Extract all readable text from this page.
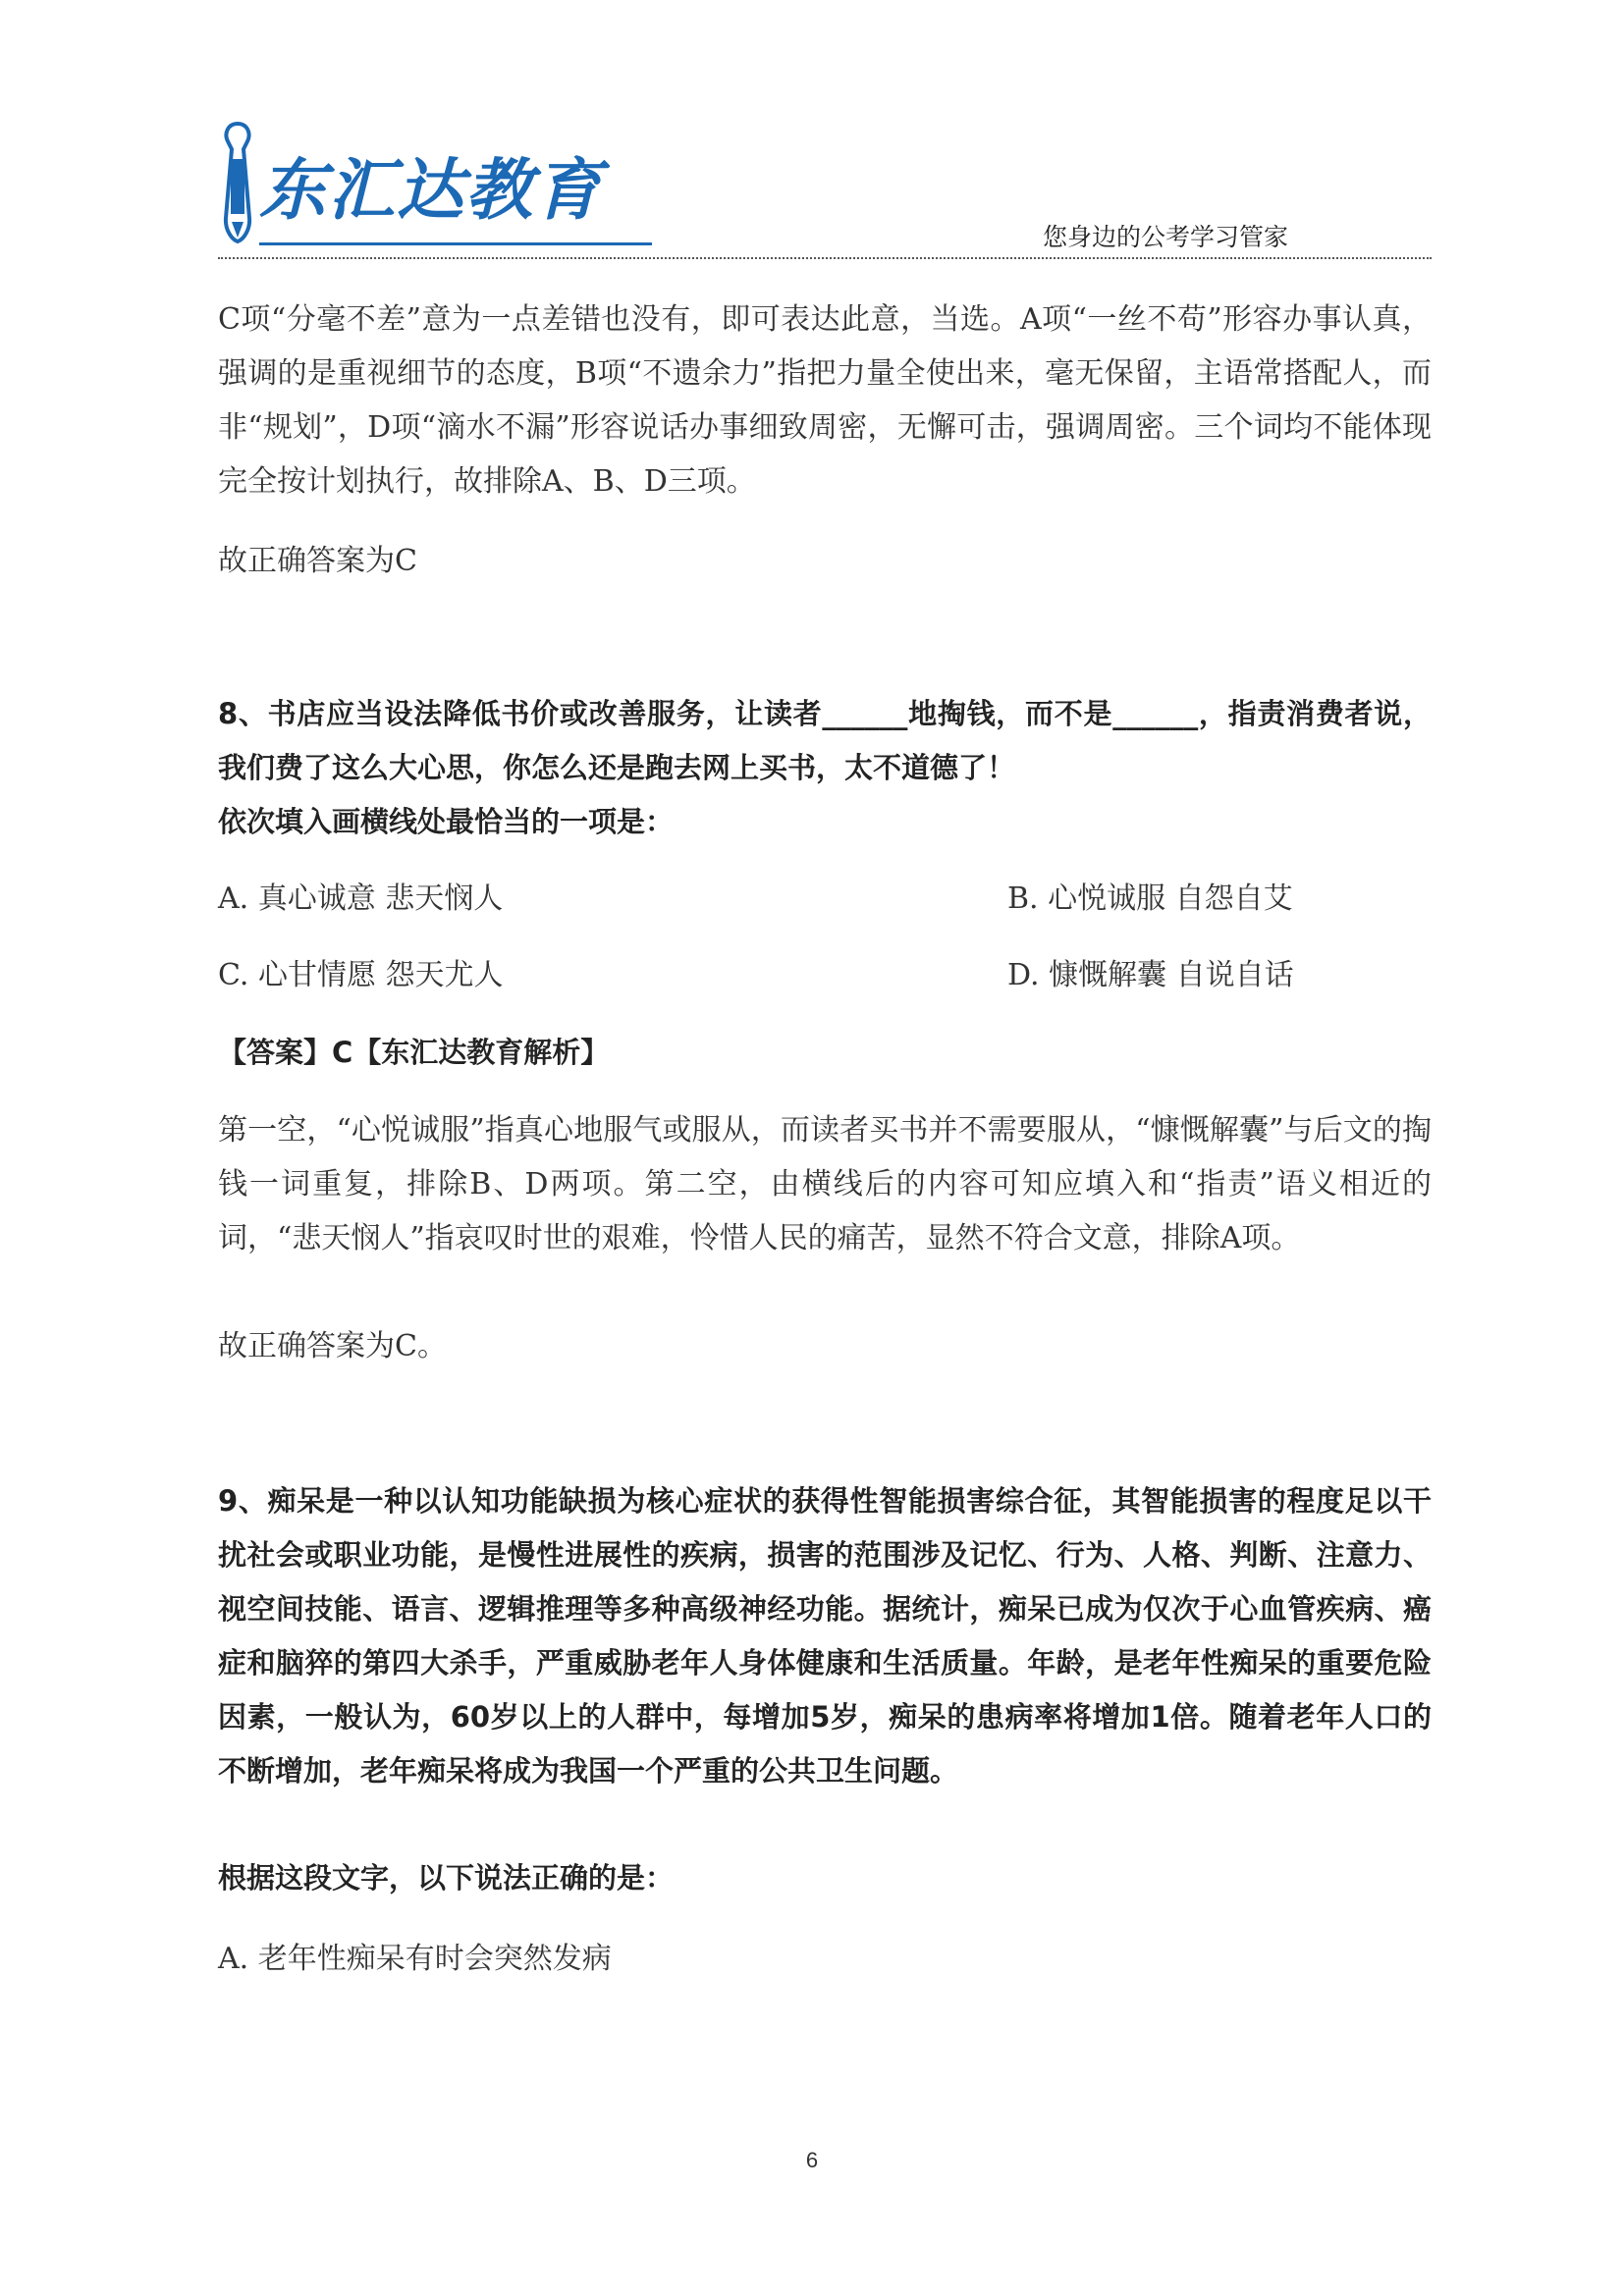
东汇达教育
您身边的公考学习管家

C项“分毫不差”意为一点差错也没有，即可表达此意，当选。A项“一丝不苟”形容办事认真，强调的是重视细节的态度，B项“不遗余力”指把力量全使出来，毫无保留，主语常搭配人，而非“规划”，D项“滴水不漏”形容说话办事细致周密，无懈可击，强调周密。三个词均不能体现完全按计划执行，故排除A、B、D三项。

故正确答案为C

8、书店应当设法降低书价或改善服务，让读者______地掏钱，而不是______，指责消费者说，我们费了这么大心思，你怎么还是跑去网上买书，太不道德了！

依次填入画横线处最恰当的一项是：

A. 真心诚意 悲天悯人	B. 心悦诚服 自怨自艾
C. 心甘情愿 怨天尤人	D. 慷慨解囊 自说自话
【答案】C【东汇达教育解析】

第一空，“心悦诚服”指真心地服气或服从，而读者买书并不需要服从，“慷慨解囊”与后文的掏钱一词重复，排除B、D两项。第二空，由横线后的内容可知应填入和“指责”语义相近的词，“悲天悯人”指哀叹时世的艰难，怜惜人民的痛苦，显然不符合文意，排除A项。

故正确答案为C。

9、痴呆是一种以认知功能缺损为核心症状的获得性智能损害综合征，其智能损害的程度足以干扰社会或职业功能，是慢性进展性的疾病，损害的范围涉及记忆、行为、人格、判断、注意力、视空间技能、语言、逻辑推理等多种高级神经功能。据统计，痴呆已成为仅次于心血管疾病、癌症和脑猝的第四大杀手，严重威胁老年人身体健康和生活质量。年龄，是老年性痴呆的重要危险因素，一般认为，60岁以上的人群中，每增加5岁，痴呆的患病率将增加1倍。随着老年人口的不断增加，老年痴呆将成为我国一个严重的公共卫生问题。

根据这段文字，以下说法正确的是：

A. 老年性痴呆有时会突然发病
6
